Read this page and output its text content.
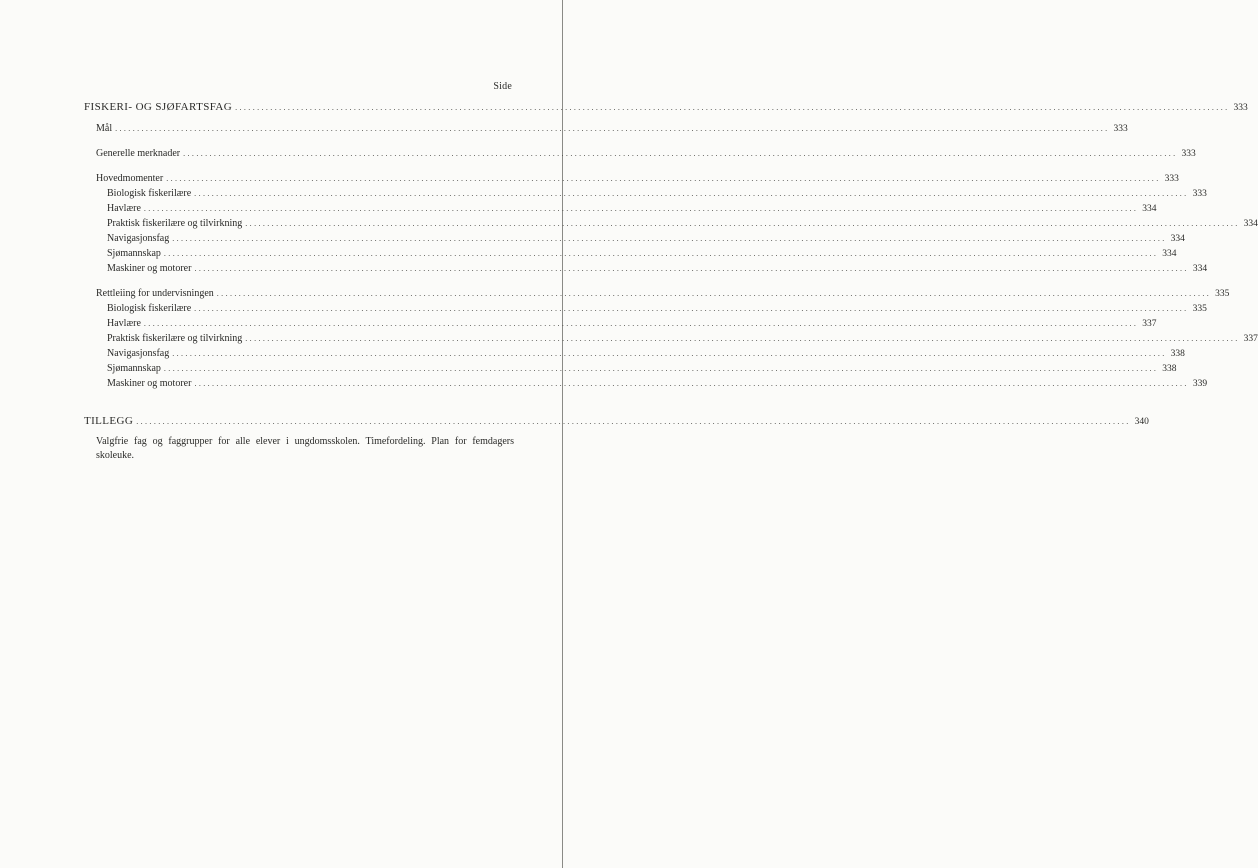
Side
FISKERI- OG SJØFARTSFAG .................................................................................................................................................................................................................................. 333
Mål .................................................................................................................................................................................................................................. 333
Generelle merknader .................................................................................................................................................................................................................................. 333
Hovedmomenter .................................................................................................................................................................................................................................. 333
Biologisk fiskerilære .................................................................................................................................................................................................................................. 333
Havlære .................................................................................................................................................................................................................................. 334
Praktisk fiskerilære og tilvirkning .................................................................................................................................................................................................................................. 334
Navigasjonsfag .................................................................................................................................................................................................................................. 334
Sjømannskap .................................................................................................................................................................................................................................. 334
Maskiner og motorer .................................................................................................................................................................................................................................. 334
Rettleiing for undervisningen .................................................................................................................................................................................................................................. 335
Biologisk fiskerilære .................................................................................................................................................................................................................................. 335
Havlære .................................................................................................................................................................................................................................. 337
Praktisk fiskerilære og tilvirkning .................................................................................................................................................................................................................................. 337
Navigasjonsfag .................................................................................................................................................................................................................................. 338
Sjømannskap .................................................................................................................................................................................................................................. 338
Maskiner og motorer .................................................................................................................................................................................................................................. 339
TILLEGG .................................................................................................................................................................................................................................. 340

Valgfrie fag og faggrupper for alle elever i ungdomsskolen. Timefordeling. Plan for femdagers skoleuke.
